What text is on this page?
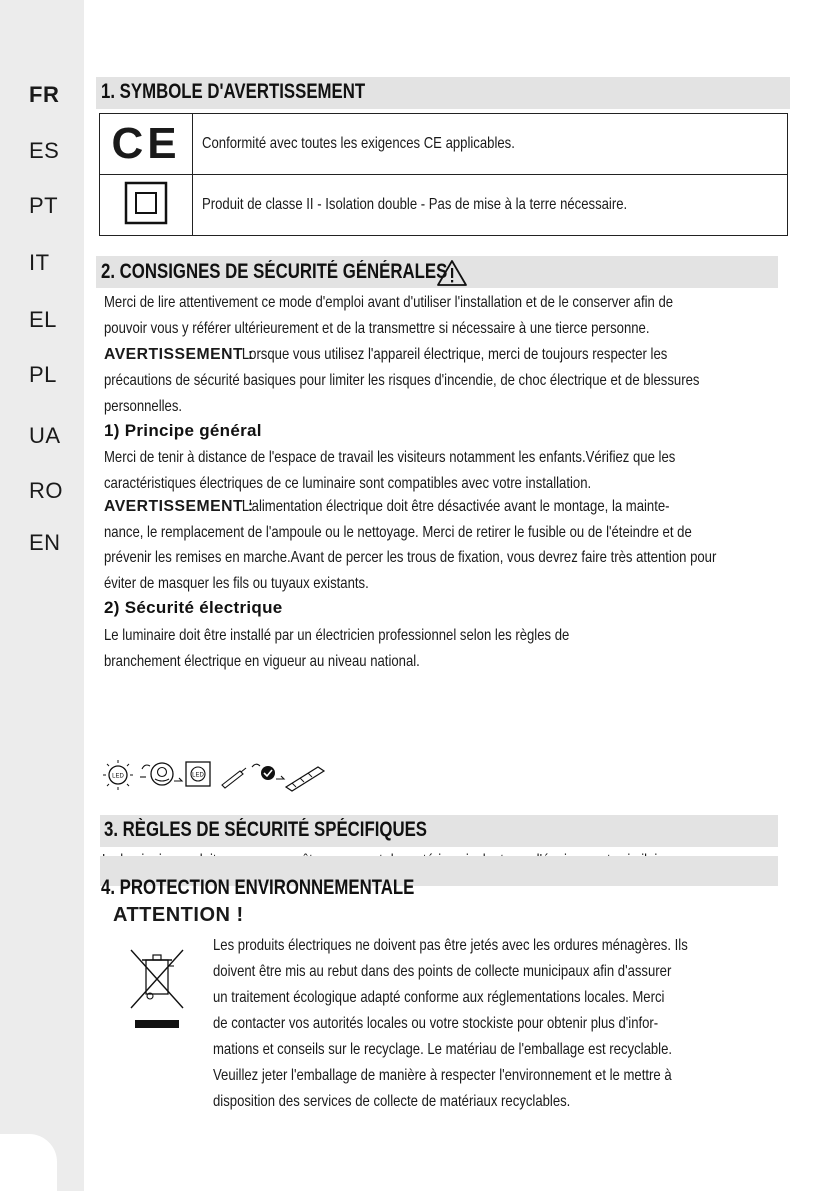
FR
ES
PT
IT
EL
PL
UA
RO
EN
1. SYMBOLE D'AVERTISSEMENT
CE	Conformité avec toutes les exigences CE applicables.
	Produit de classe II - Isolation double - Pas de mise à la terre nécessaire.
2. CONSIGNES DE SÉCURITÉ GÉNÉRALES
Merci de lire attentivement ce mode d'emploi avant d'utiliser l'installation et de le conserver afin de
pouvoir vous y référer ultérieurement et de la transmettre si nécessaire à une tierce personne.
AVERTISSEMENT :Lorsque vous utilisez l'appareil électrique, merci de toujours respecter les
précautions de sécurité basiques pour limiter les risques d'incendie, de choc électrique et de blessures
personnelles.
1) Principe général
Merci de tenir à distance de l'espace de travail les visiteurs notamment les enfants.Vérifiez que les
caractéristiques électriques de ce luminaire sont compatibles avec votre installation.
AVERTISSEMENT :L'alimentation électrique doit être désactivée avant le montage, la mainte-
nance, le remplacement de l'ampoule ou le nettoyage. Merci de retirer le fusible ou de l'éteindre et de
prévenir les remises en marche.Avant de percer les trous de fixation, vous devrez faire très attention pour
éviter de masquer les fils ou tuyaux existants.
2) Sécurité électrique
Le luminaire doit être installé par un électricien professionnel selon les règles de
branchement électrique en vigueur au niveau national.
LED	LED
3. RÈGLES DE SÉCURITÉ SPÉCIFIQUES
4. PROTECTION ENVIRONNEMENTALE
ATTENTION !
Les produits électriques ne doivent pas être jetés avec les ordures ménagères. Ils
doivent être mis au rebut dans des points de collecte municipaux afin d'assurer
un traitement écologique adapté conforme aux réglementations locales. Merci
de contacter vos autorités locales ou votre stockiste pour obtenir plus d'infor-
mations et conseils sur le recyclage. Le matériau de l'emballage est recyclable.
Veuillez jeter l'emballage de manière à respecter l'environnement et le mettre à
disposition des services de collecte de matériaux recyclables.
